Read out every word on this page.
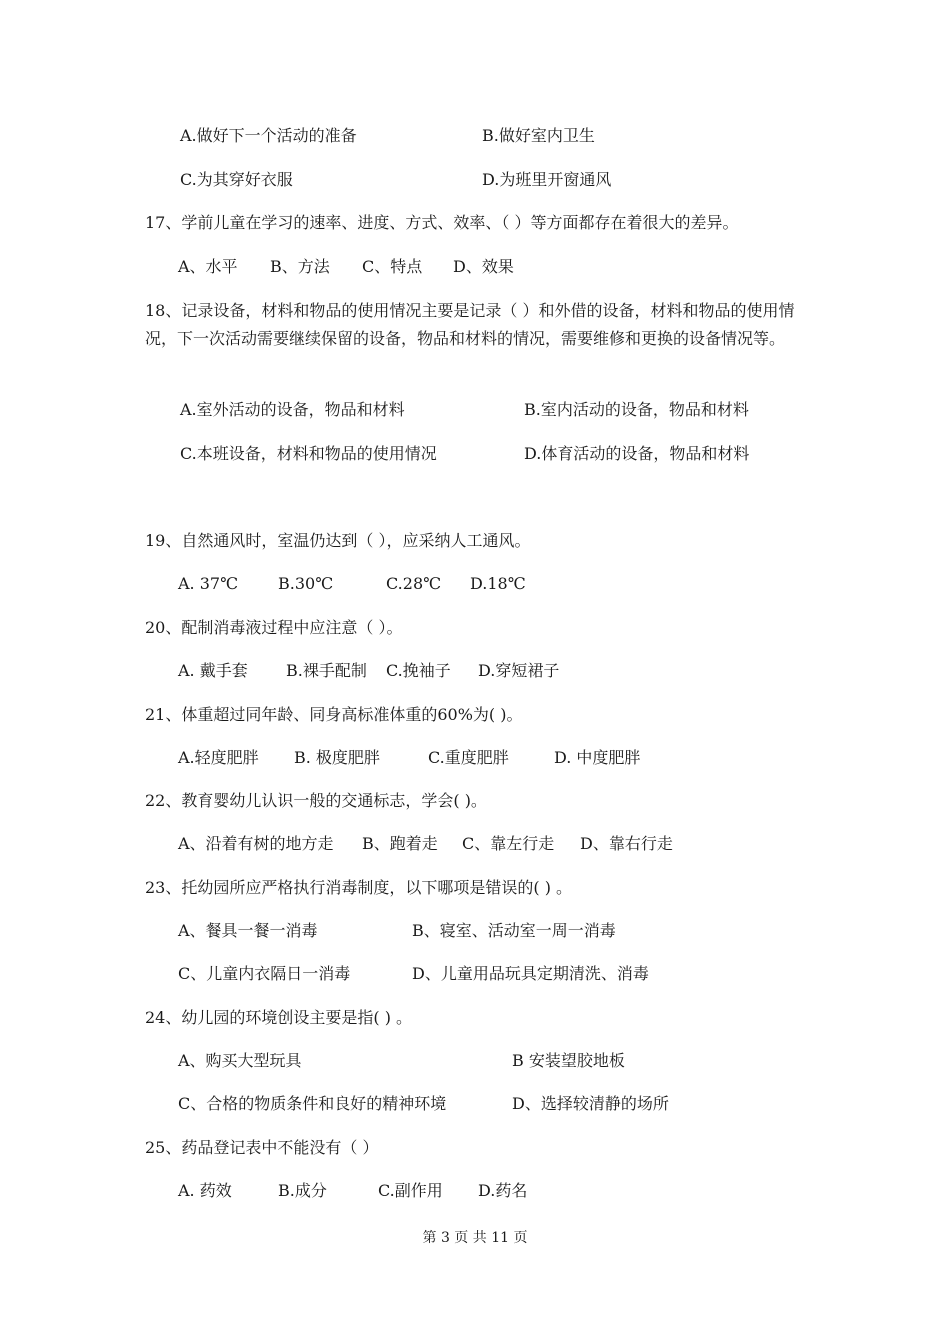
A.做好下一个活动的准备	B.做好室内卫生
C.为其穿好衣服	D.为班里开窗通风
17、学前儿童在学习的速率、进度、方式、效率、（ ）等方面都存在着很大的差异。
A、水平 B、方法 C、特点 D、效果
18、记录设备，材料和物品的使用情况主要是记录（ ）和外借的设备，材料和物品的使用情况，下一次活动需要继续保留的设备，物品和材料的情况，需要维修和更换的设备情况等。
A.室外活动的设备，物品和材料	B.室内活动的设备，物品和材料
C.本班设备，材料和物品的使用情况	D.体育活动的设备，物品和材料
19、自然通风时，室温仍达到（ ），应采纳人工通风。
A. 37℃	B.30℃	C.28℃ D.18℃
20、配制消毒液过程中应注意（ ）。
A. 戴手套 B.裸手配制 C.挽袖子 D.穿短裙子
21、体重超过同年龄、同身高标准体重的60%为( )。
A.轻度肥胖 B. 极度肥胖	C.重度肥胖	D. 中度肥胖
22、教育婴幼儿认识一般的交通标志，学会( )。
A、沿着有树的地方走 B、跑着走 C、靠左行走 D、靠右行走
23、托幼园所应严格执行消毒制度，以下哪项是错误的( ) 。
A、餐具一餐一消毒	B、寝室、活动室一周一消毒
C、儿童内衣隔日一消毒	D、儿童用品玩具定期清洗、消毒
24、幼儿园的环境创设主要是指( ) 。
A、购买大型玩具	B 安装望胶地板
C、合格的物质条件和良好的精神环境	D、选择较清静的场所
25、药品登记表中不能没有（ ）
A. 药效	B.成分	C.副作用 D.药名
第 3 页 共 11 页
